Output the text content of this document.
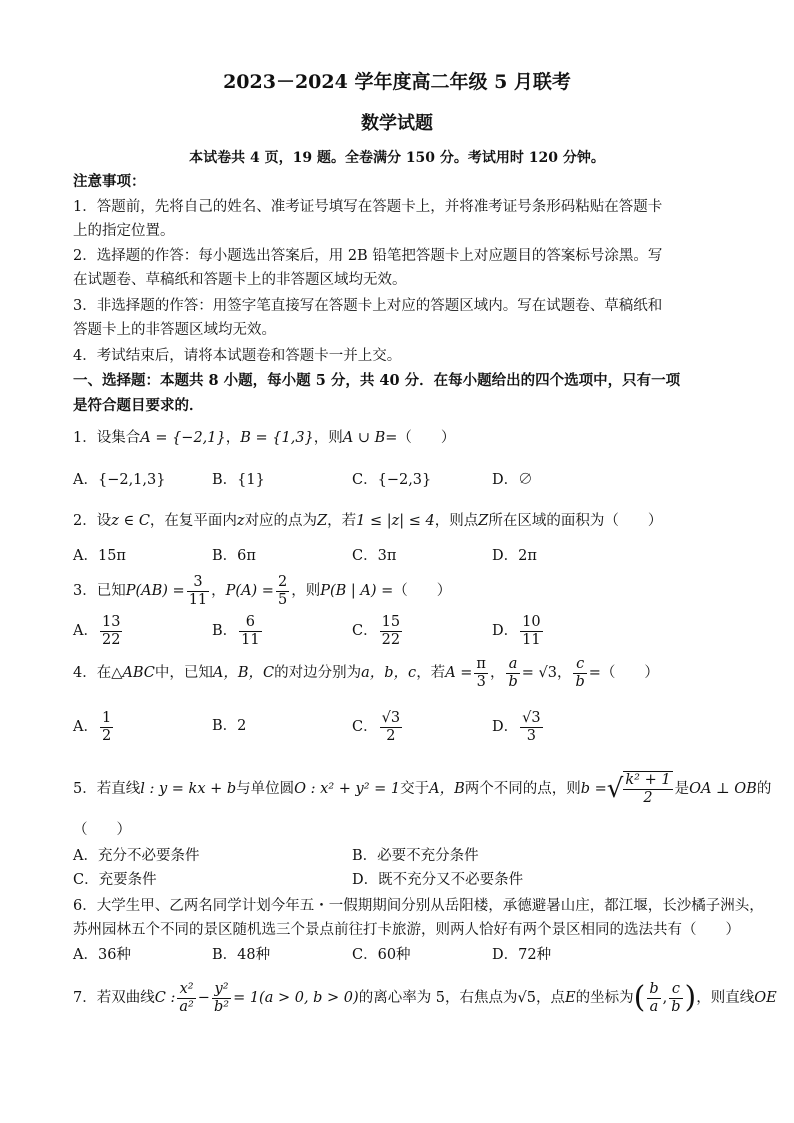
2023－2024 学年度高二年级 5 月联考
数学试题
本试卷共 4 页，19 题。全卷满分 150 分。考试用时 120 分钟。
注意事项：
1．答题前，先将自己的姓名、准考证号填写在答题卡上，并将准考证号条形码粘贴在答题卡
上的指定位置。
2．选择题的作答：每小题选出答案后，用 2B 铅笔把答题卡上对应题目的答案标号涂黑。写
在试题卷、草稿纸和答题卡上的非答题区域均无效。
3．非选择题的作答：用签字笔直接写在答题卡上对应的答题区域内。写在试题卷、草稿纸和
答题卡上的非答题区域均无效。
4．考试结束后，请将本试题卷和答题卡一并上交。
一、选择题：本题共 8 小题，每小题 5 分，共 40 分．在每小题给出的四个选项中，只有一项
是符合题目要求的．
1．设集合A = {−2,1}，B = {1,3}，则A ∪ B=（　　）
A．{−2,1,3}	B．{1}	C．{−2,3}	D．∅
2．设z ∈ C，在复平面内z对应的点为Z，若1 ≤ |z| ≤ 4，则点Z所在区域的面积为（　　）
A．15π	B．6π	C．3π	D．2π
3．已知$P(AB) = \frac{3}{11}$ ，$P(A) = \frac{2}{5}$ ，则P(B | A) =（　　）
A． $\frac{13}{22}$	B． $\frac{6}{11}$	C． $\frac{15}{22}$	D． $\frac{10}{11}$
4．在△ABC中，已知A，B，C的对边分别为a，b，c，若$A = \frac{\pi}{3}$ ， $\frac{a}{b} = √3$， $\frac{c}{b}$ =（　　）
A． $\frac{1}{2}$	B．2	C． $\frac{√3}{2}$	D． $\frac{√3}{3}$
5．若直线l : y = kx + b与单位圆O : x² + y² = 1交于A，B两个不同的点，则b =√ $\frac{\text{k² + 1}}{2}$ 是OA ⊥ OB的
（　　）
A．充分不必要条件	B．必要不充分条件
C．充要条件	D．既不充分又不必要条件
6．大学生甲、乙两名同学计划今年五・一假期期间分别从岳阳楼，承德避暑山庄，都江堰，长沙橘子洲头，
苏州园林五个不同的景区随机选三个景点前往打卡旅游，则两人恰好有两个景区相同的选法共有（　　）
A．36种	B．48种	C．60种	D．72种
7．若双曲线C : $\frac{\text{x²}}{\text{a²}} - \frac{\text{y²}}{\text{b²}} = 1(a > 0$, b > 0)的离心率为 5，右焦点为√5，点E的坐标为( $\frac{b}{a}$ , $\frac{c}{b}$ )，则直线OE
